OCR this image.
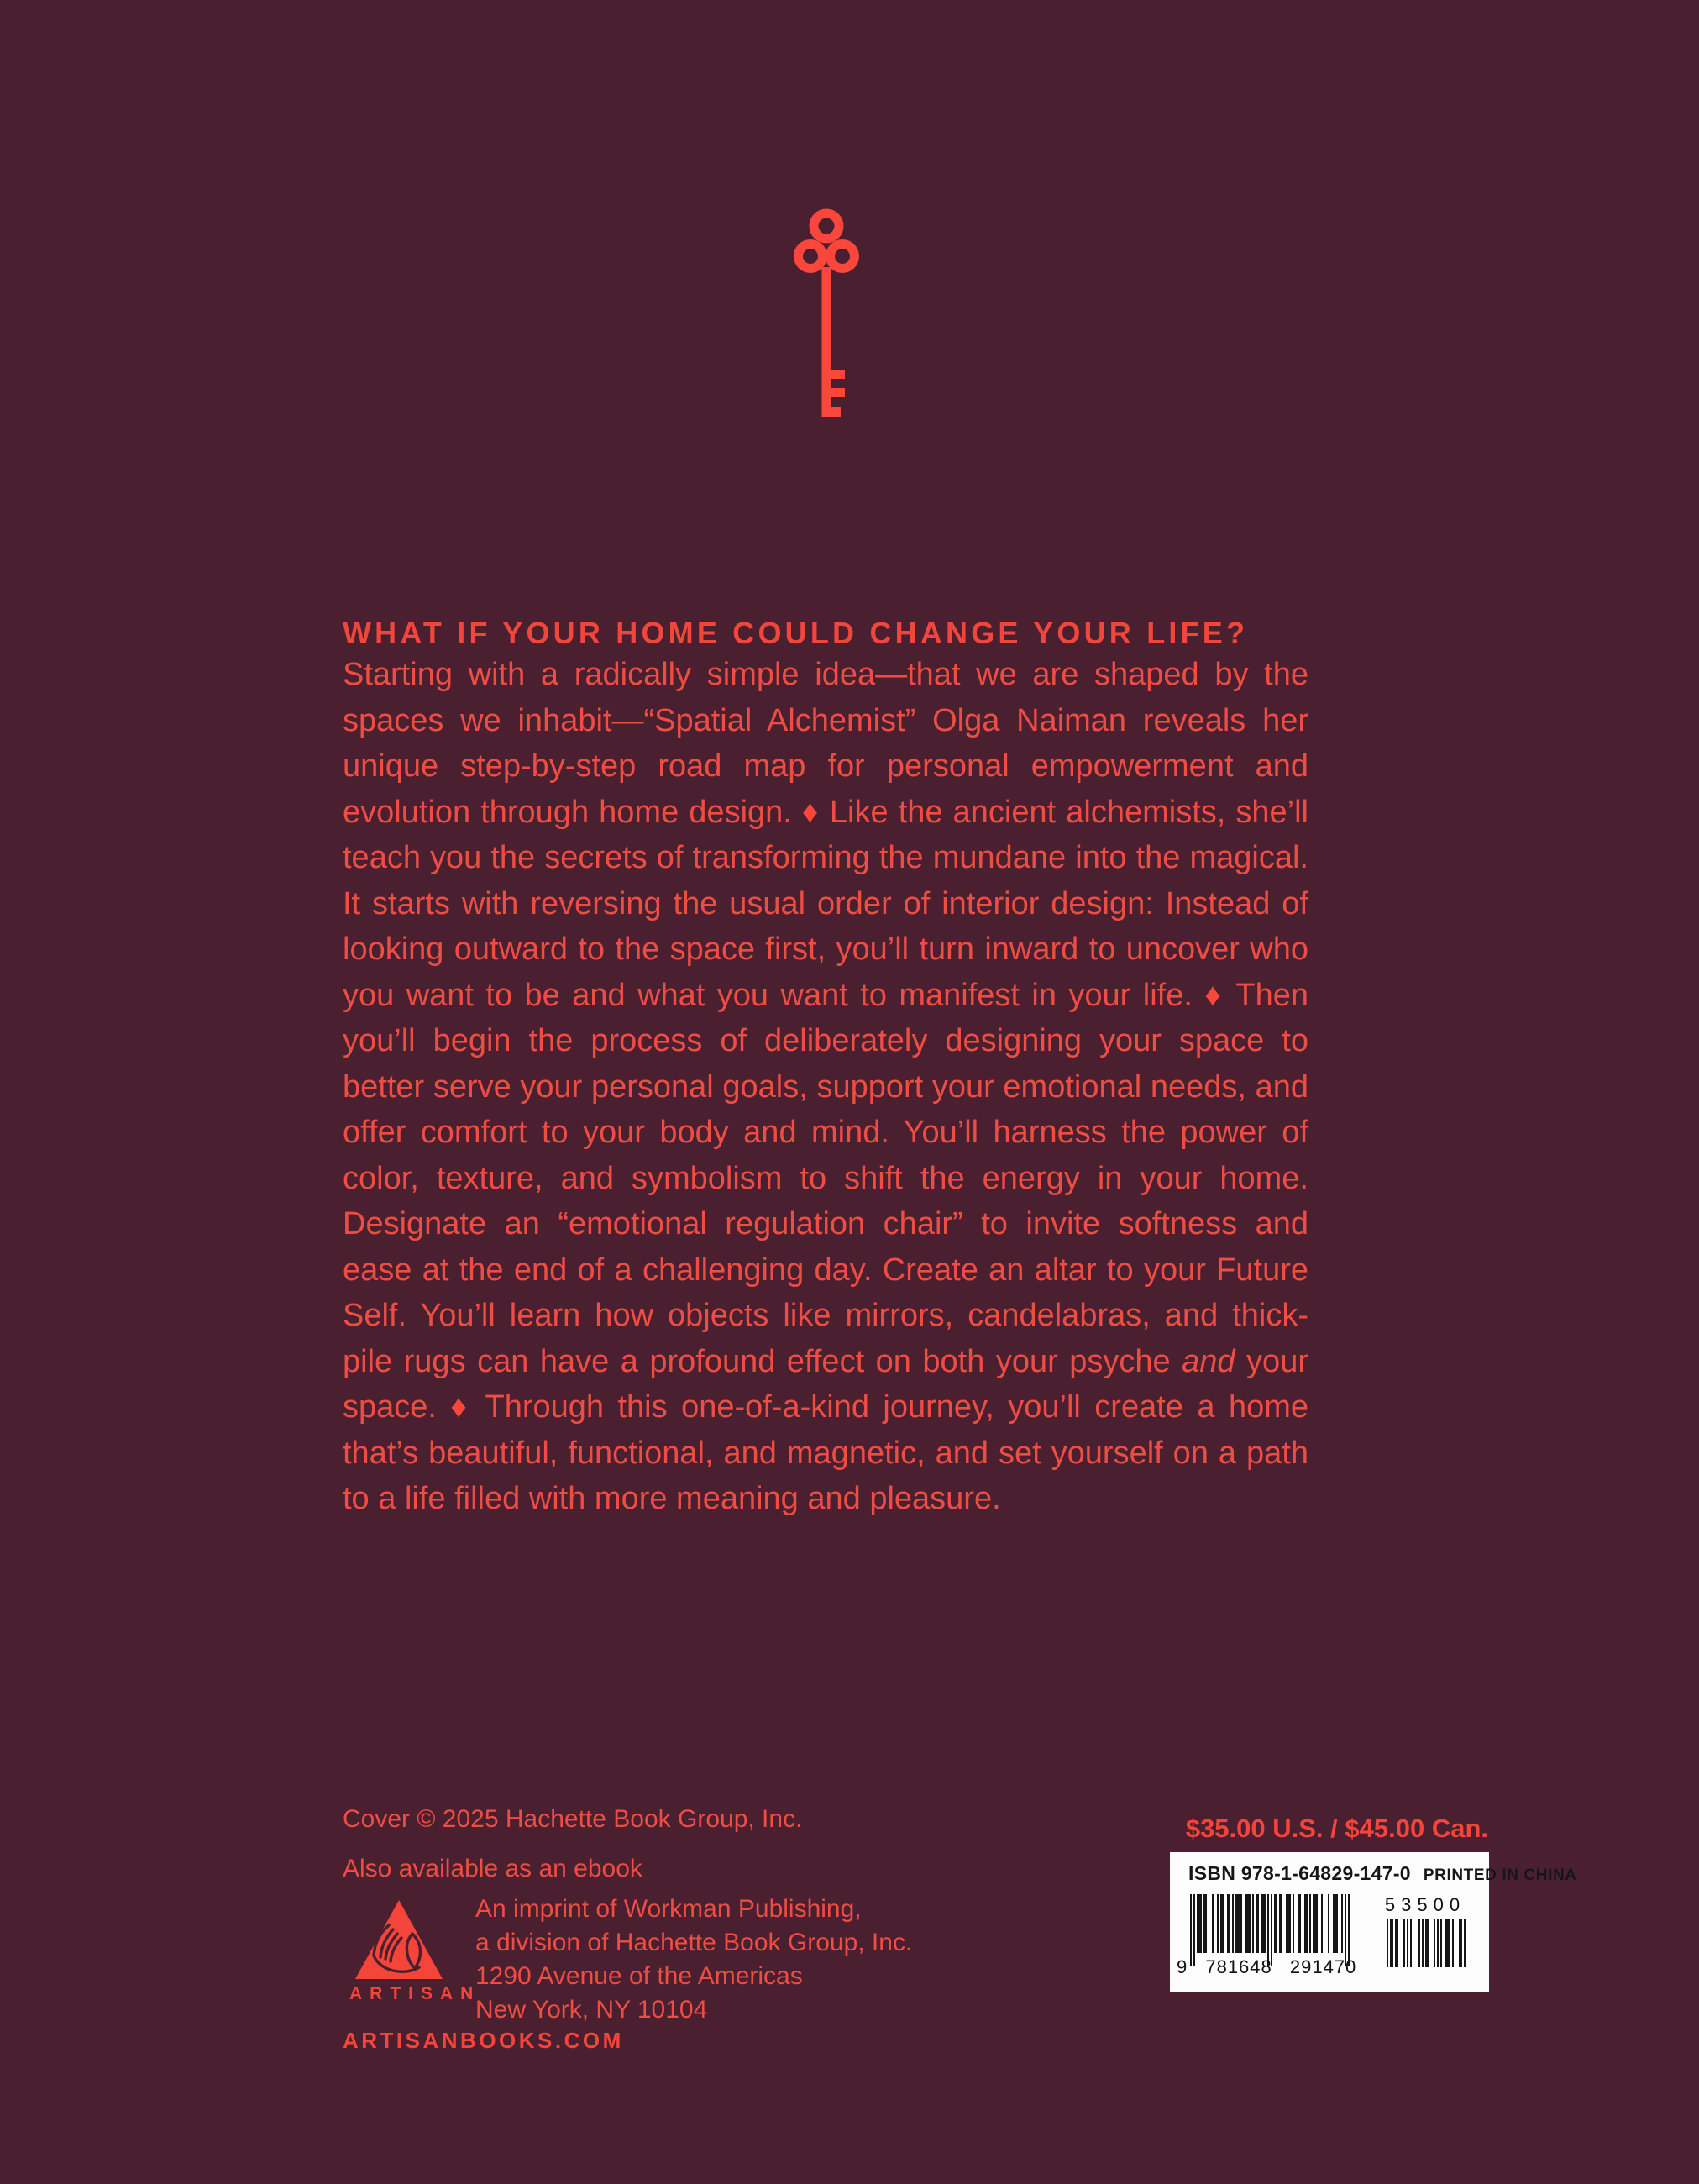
WHAT IF YOUR HOME COULD CHANGE YOUR LIFE?

Starting with a radically simple idea—that we are shaped by the spaces we inhabit—“Spatial Alchemist” Olga Naiman reveals her unique step-by-step road map for personal empowerment and evolution through home design. ♦ Like the ancient alchemists, she’ll teach you the secrets of transforming the mundane into the magical. It starts with reversing the usual order of interior design: Instead of looking outward to the space first, you’ll turn inward to uncover who you want to be and what you want to manifest in your life. ♦ Then you’ll begin the process of deliberately designing your space to better serve your personal goals, support your emotional needs, and offer comfort to your body and mind. You’ll harness the power of color, texture, and symbolism to shift the energy in your home. Designate an “emotional regulation chair” to invite softness and ease at the end of a challenging day. Create an altar to your Future Self. You’ll learn how objects like mirrors, candelabras, and thick-pile rugs can have a profound effect on both your psyche and your space. ♦ Through this one-of-a-kind journey, you’ll create a home that’s beautiful, functional, and magnetic, and set yourself on a path to a life filled with more meaning and pleasure.

Cover © 2025 Hachette Book Group, Inc.
Also available as an ebook
ARTISAN
An imprint of Workman Publishing,
a division of Hachette Book Group, Inc.
1290 Avenue of the Americas
New York, NY 10104
ARTISANBOOKS.COM
$35.00 U.S. / $45.00 Can.
ISBN 978-1-64829-147-0 PRINTED IN CHINA
9 781648 291470
53500
